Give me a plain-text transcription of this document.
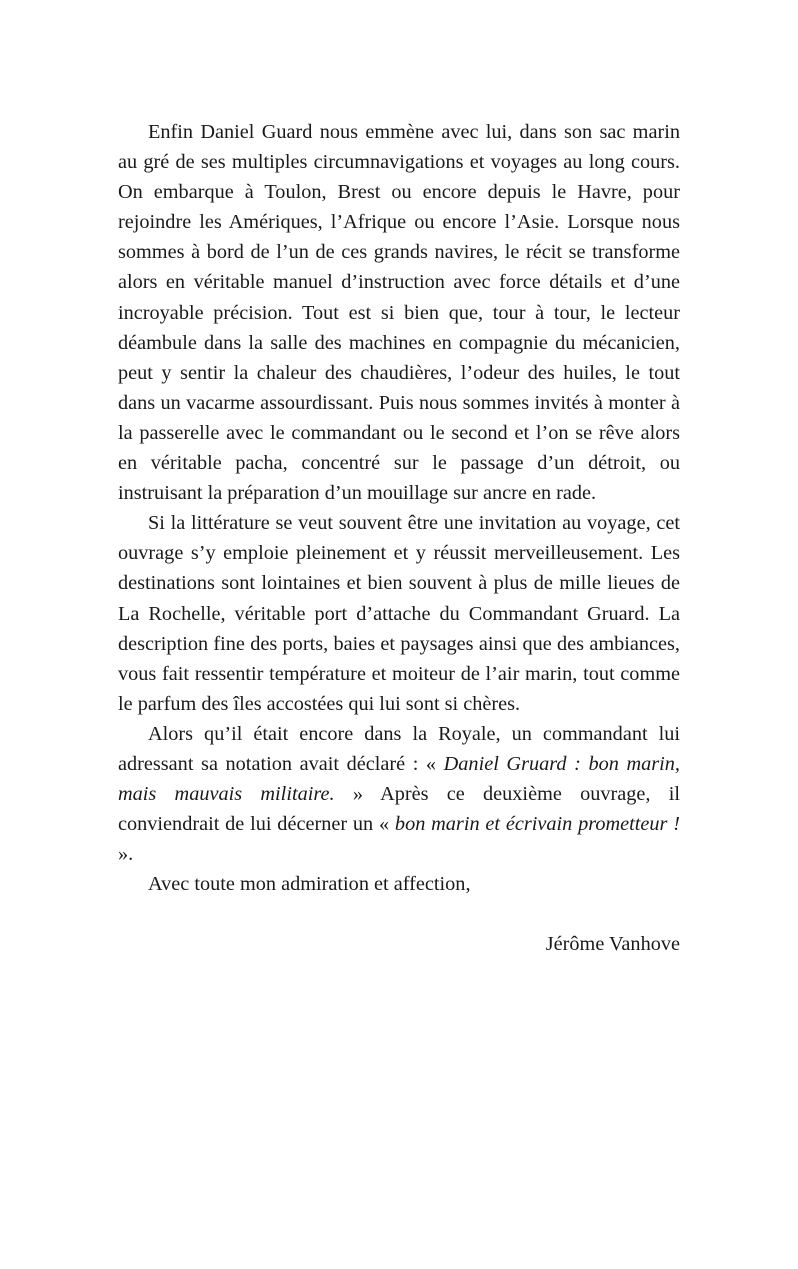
Enfin Daniel Guard nous emmène avec lui, dans son sac marin au gré de ses multiples circumnavigations et voyages au long cours. On embarque à Toulon, Brest ou encore depuis le Havre, pour rejoindre les Amériques, l’Afrique ou encore l’Asie. Lorsque nous sommes à bord de l’un de ces grands navires, le récit se transforme alors en véritable manuel d’instruction avec force détails et d’une incroyable précision. Tout est si bien que, tour à tour, le lecteur déambule dans la salle des machines en compagnie du mécanicien, peut y sentir la chaleur des chaudières, l’odeur des huiles, le tout dans un vacarme assourdissant. Puis nous sommes invités à monter à la passerelle avec le commandant ou le second et l’on se rêve alors en véritable pacha, concentré sur le passage d’un détroit, ou instruisant la préparation d’un mouillage sur ancre en rade.

Si la littérature se veut souvent être une invitation au voyage, cet ouvrage s’y emploie pleinement et y réussit merveilleusement. Les destinations sont lointaines et bien souvent à plus de mille lieues de La Rochelle, véritable port d’attache du Commandant Gruard. La description fine des ports, baies et paysages ainsi que des ambiances, vous fait ressentir température et moiteur de l’air marin, tout comme le parfum des îles accostées qui lui sont si chères.

Alors qu’il était encore dans la Royale, un commandant lui adressant sa notation avait déclaré : « Daniel Gruard : bon marin, mais mauvais militaire. » Après ce deuxième ouvrage, il conviendrait de lui décerner un « bon marin et écrivain prometteur ! ».

Avec toute mon admiration et affection,

Jérôme Vanhove
